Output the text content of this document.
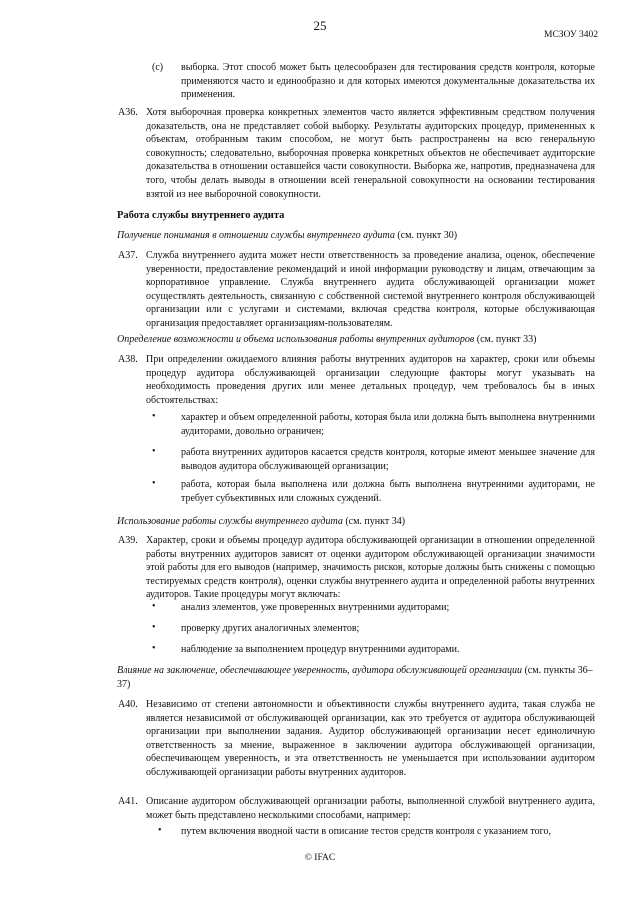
25
МСЗОУ 3402
(с) выборка. Этот способ может быть целесообразен для тестирования средств контроля, которые применяются часто и единообразно и для которых имеются документальные доказательства их применения.
A36. Хотя выборочная проверка конкретных элементов часто является эффективным средством получения доказательств, она не представляет собой выборку. Результаты аудиторских процедур, примененных к объектам, отобранным таким способом, не могут быть распространены на всю генеральную совокупность; следовательно, выборочная проверка конкретных объектов не обеспечивает аудиторские доказательства в отношении оставшейся части совокупности. Выборка же, напротив, предназначена для того, чтобы делать выводы в отношении всей генеральной совокупности на основании тестирования взятой из нее выборочной совокупности.
Работа службы внутреннего аудита
Получение понимания в отношении службы внутреннего аудита (см. пункт 30)
A37. Служба внутреннего аудита может нести ответственность за проведение анализа, оценок, обеспечение уверенности, предоставление рекомендаций и иной информации руководству и лицам, отвечающим за корпоративное управление. Служба внутреннего аудита обслуживающей организации может осуществлять деятельность, связанную с собственной системой внутреннего контроля обслуживающей организации или с услугами и системами, включая средства контроля, которые обслуживающая организация предоставляет организациям-пользователям.
Определение возможности и объема использования работы внутренних аудиторов (см. пункт 33)
A38. При определении ожидаемого влияния работы внутренних аудиторов на характер, сроки или объемы процедур аудитора обслуживающей организации следующие факторы могут указывать на необходимость проведения других или менее детальных процедур, чем требовалось бы в иных обстоятельствах:
•	характер и объем определенной работы, которая была или должна быть выполнена внутренними аудиторами, довольно ограничен;
•	работа внутренних аудиторов касается средств контроля, которые имеют меньшее значение для выводов аудитора обслуживающей организации;
•	работа, которая была выполнена или должна быть выполнена внутренними аудиторами, не требует субъективных или сложных суждений.
Использование работы службы внутреннего аудита (см. пункт 34)
A39. Характер, сроки и объемы процедур аудитора обслуживающей организации в отношении определенной работы внутренних аудиторов зависят от оценки аудитором обслуживающей организации значимости этой работы для его выводов (например, значимость рисков, которые должны быть снижены с помощью тестируемых средств контроля), оценки службы внутреннего аудита и определенной работы внутренних аудиторов. Такие процедуры могут включать:
•	анализ элементов, уже проверенных внутренними аудиторами;
•	проверку других аналогичных элементов;
•	наблюдение за выполнением процедур внутренними аудиторами.
Влияние на заключение, обеспечивающее уверенность, аудитора обслуживающей организации (см. пункты 36–37)
A40. Независимо от степени автономности и объективности службы внутреннего аудита, такая служба не является независимой от обслуживающей организации, как это требуется от аудитора обслуживающей организации при выполнении задания. Аудитор обслуживающей организации несет единоличную ответственность за мнение, выраженное в заключении аудитора обслуживающей организации, обеспечивающем уверенность, и эта ответственность не уменьшается при использовании аудитором обслуживающей организации работы внутренних аудиторов.
A41. Описание аудитором обслуживающей организации работы, выполненной службой внутреннего аудита, может быть представлено несколькими способами, например:
• путем включения вводной части в описание тестов средств контроля с указанием того,
© IFAC
